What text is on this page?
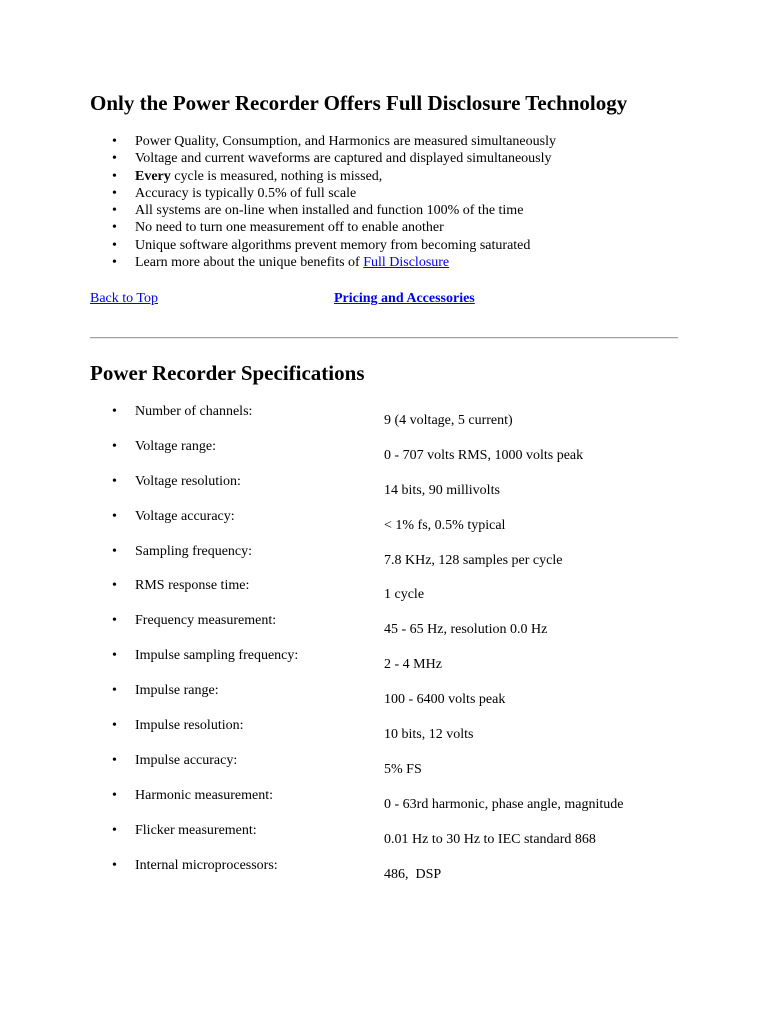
Only the Power Recorder Offers Full Disclosure Technology
• Power Quality, Consumption, and Harmonics are measured simultaneously
• Voltage and current waveforms are captured and displayed simultaneously
• Every cycle is measured, nothing is missed,
• Accuracy is typically 0.5% of full scale
• All systems are on-line when installed and function 100% of the time
• No need to turn one measurement off to enable another
• Unique software algorithms prevent memory from becoming saturated
• Learn more about the unique benefits of Full Disclosure
Back to Top	Pricing and Accessories
Power Recorder Specifications
• Number of channels:
9 (4 voltage, 5 current)
• Voltage range:
0 - 707 volts RMS, 1000 volts peak
• Voltage resolution:
14 bits, 90 millivolts
• Voltage accuracy:
< 1% fs, 0.5% typical
• Sampling frequency:
7.8 KHz, 128 samples per cycle
• RMS response time:
1 cycle
• Frequency measurement:
45 - 65 Hz, resolution 0.0 Hz
• Impulse sampling frequency:
2 - 4 MHz
• Impulse range:
100 - 6400 volts peak
• Impulse resolution:
10 bits, 12 volts
• Impulse accuracy:
5% FS
• Harmonic measurement:
0 - 63rd harmonic, phase angle, magnitude
• Flicker measurement:
0.01 Hz to 30 Hz to IEC standard 868
• Internal microprocessors:
486,  DSP
